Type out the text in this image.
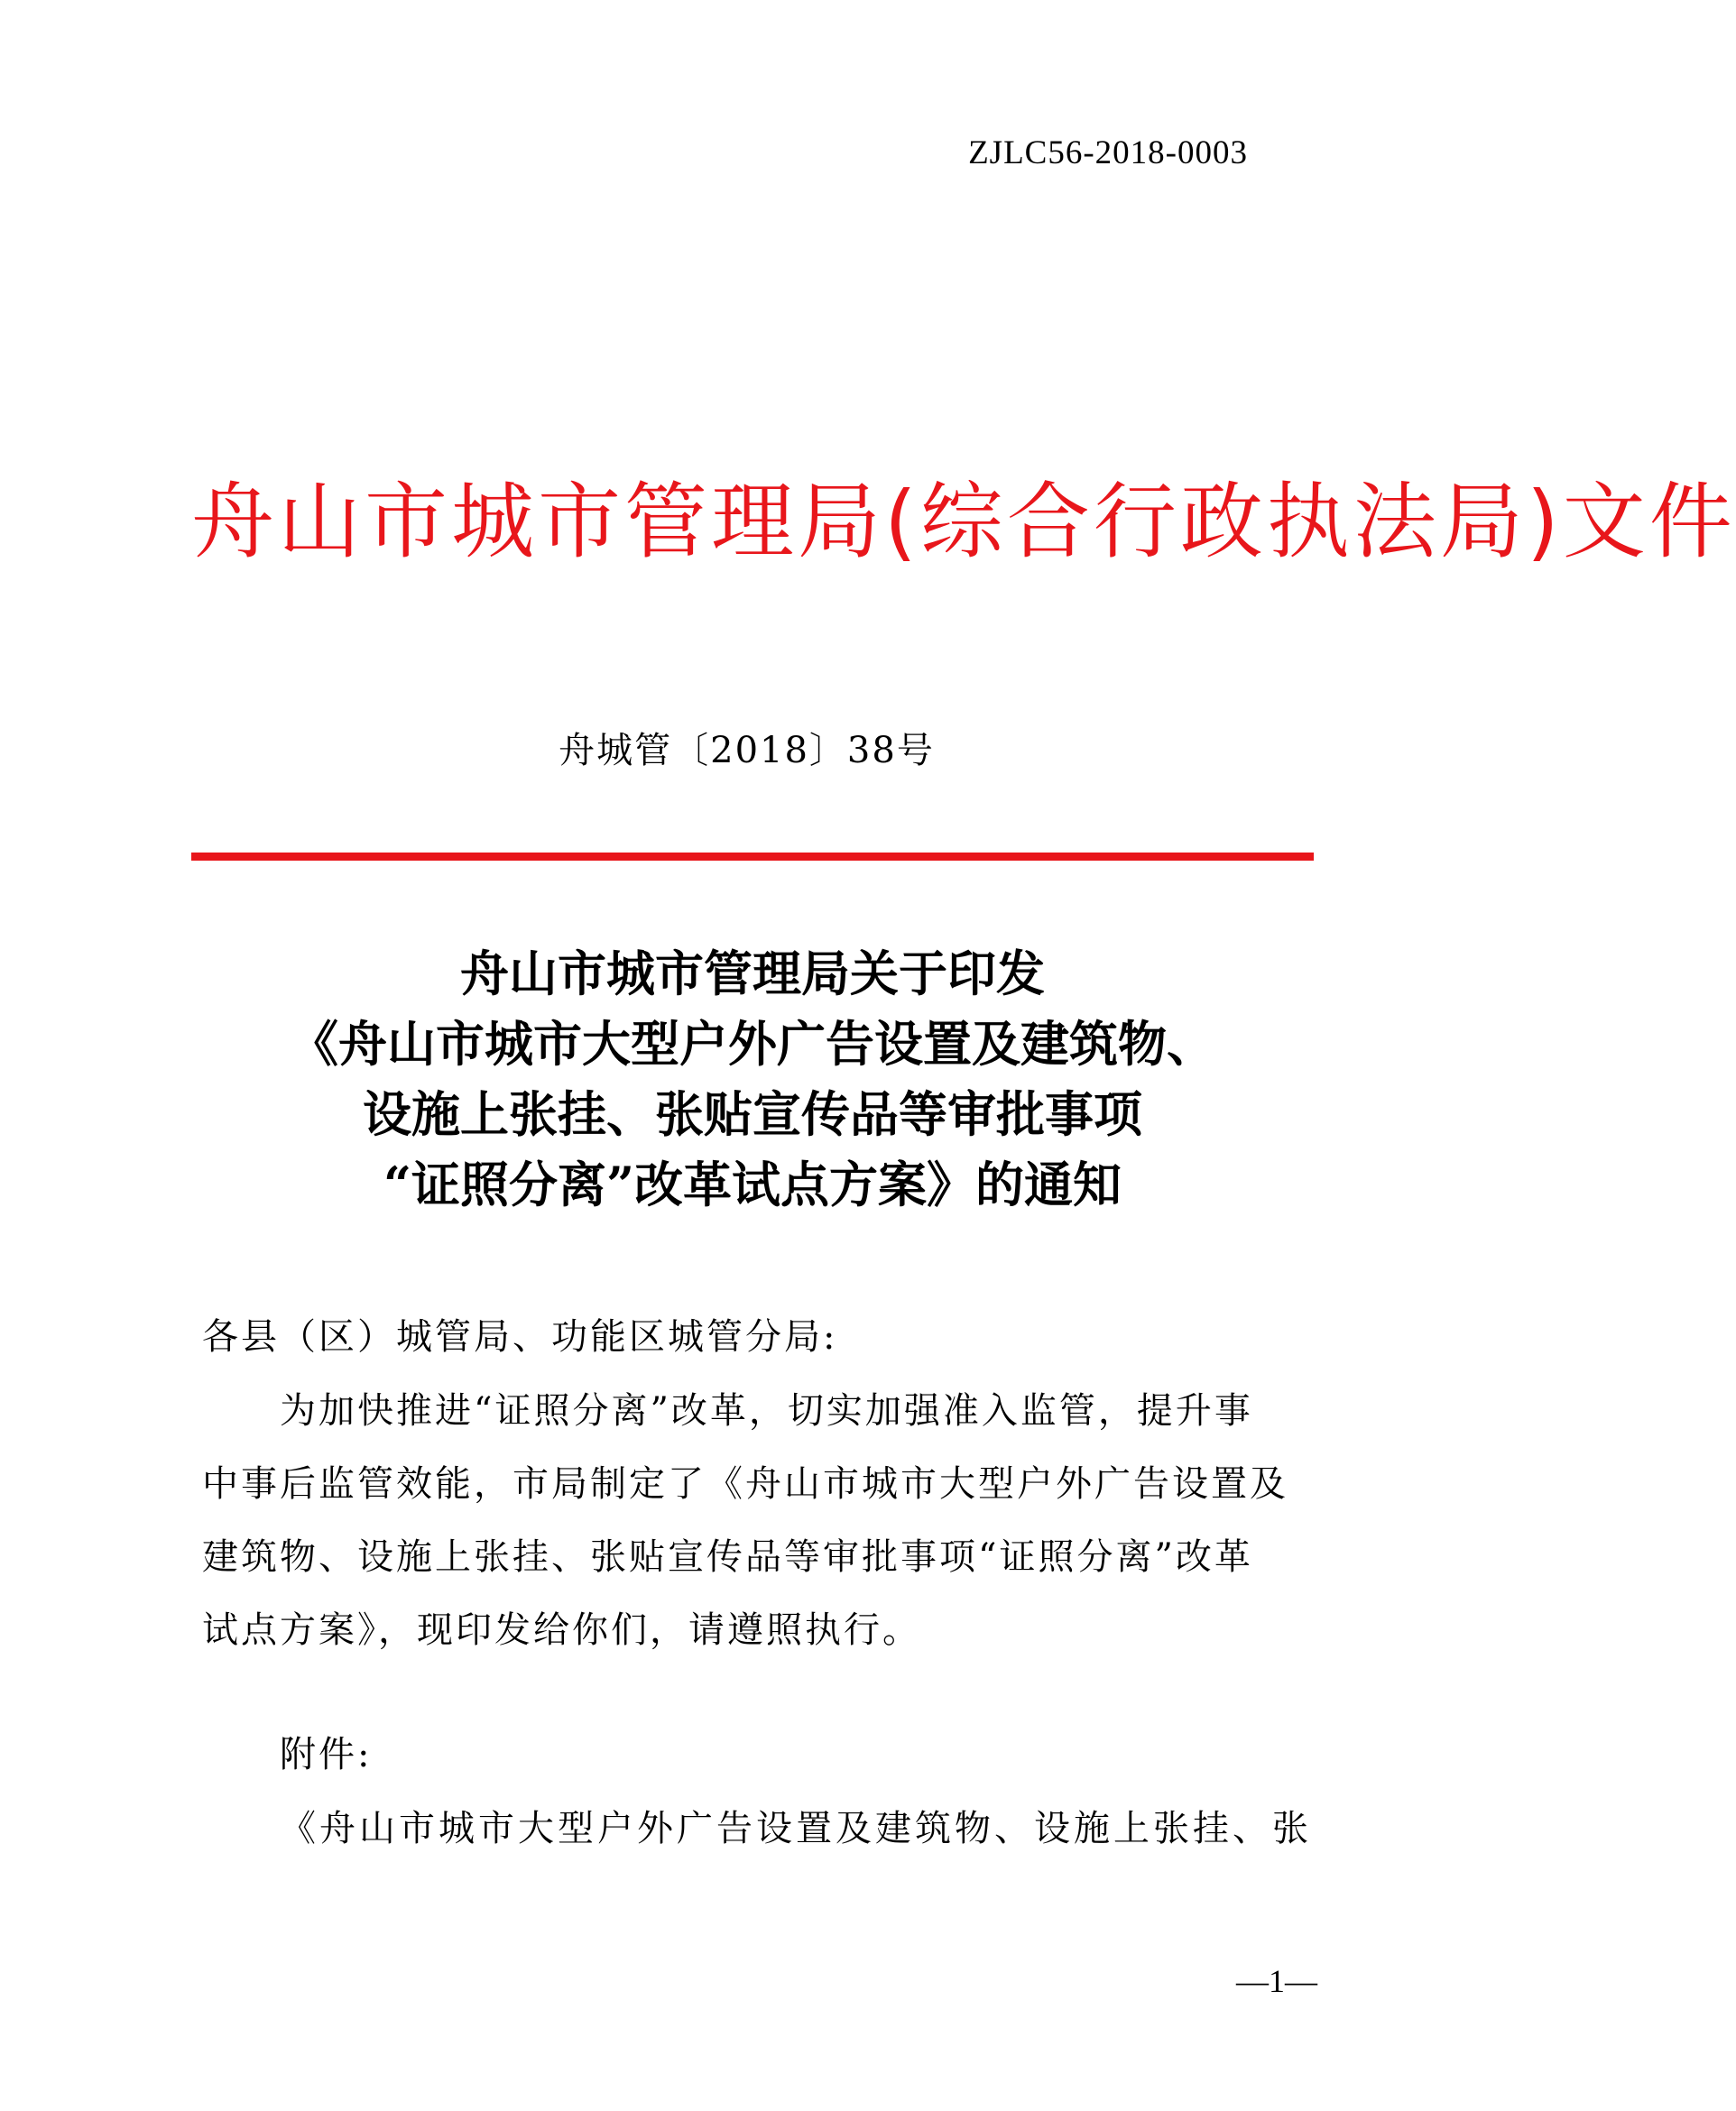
ZJLC56-2018-0003
舟山市城市管理局(综合行政执法局)文件
舟城管〔2018〕38号
舟山市城市管理局关于印发
《舟山市城市大型户外广告设置及建筑物、
设施上张挂、张贴宣传品等审批事项
“证照分离”改革试点方案》的通知
各县（区）城管局、功能区城管分局:
为加快推进“证照分离”改革，切实加强准入监管，提升事
中事后监管效能，市局制定了《舟山市城市大型户外广告设置及
建筑物、设施上张挂、张贴宣传品等审批事项“证照分离”改革
试点方案》，现印发给你们，请遵照执行。
附件:
《舟山市城市大型户外广告设置及建筑物、设施上张挂、张
—1—
